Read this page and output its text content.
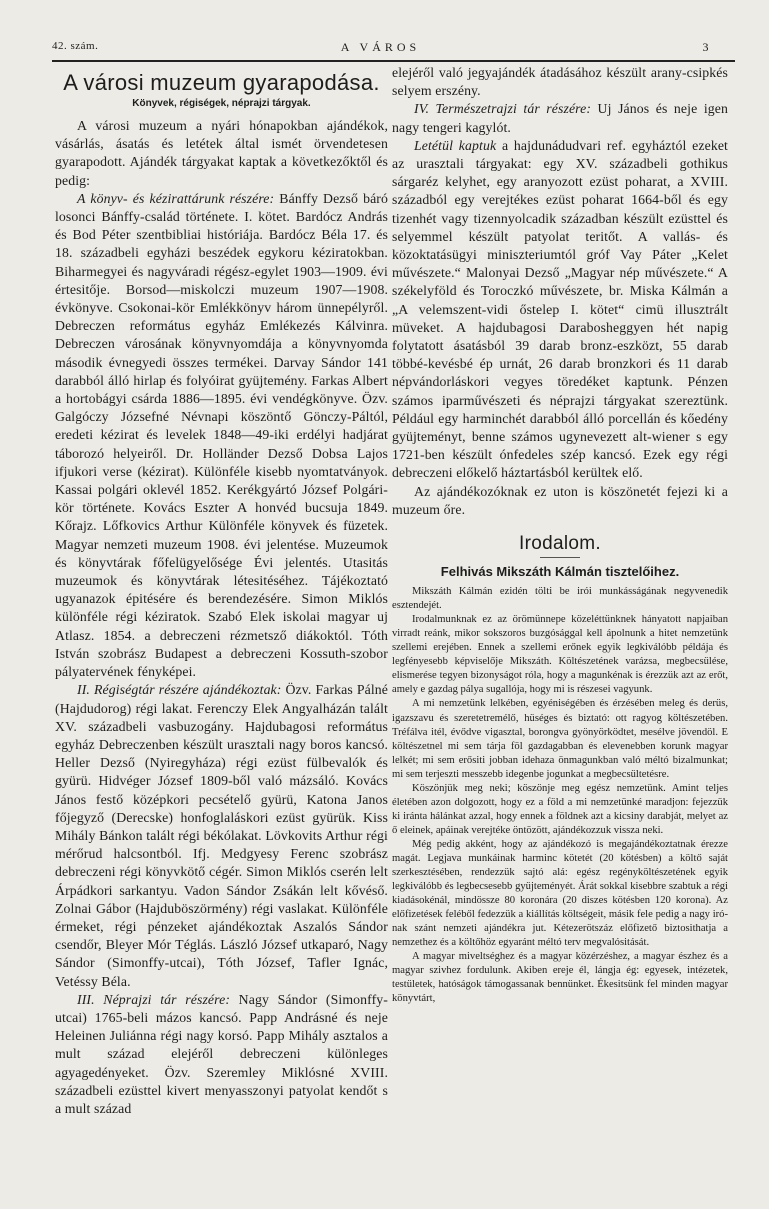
42. szám.	A VÁROS	3
A városi muzeum gyarapodása.
Könyvek, régiségek, néprajzi tárgyak.

A városi muzeum a nyári hónapokban ajándékok, vásárlás, ásatás és letétek által ismét örvendetesen gyarapodott. Ajándék tárgyakat kaptak a következőktől és pedig:

A könyv- és kézirattárunk részére: Bánffy Dezső báró losonci Bánffy-család története. I. kötet. Bardócz András és Bod Péter szentbibliai históriája. Bardócz Béla 17. és 18. századbeli egyházi beszédek egykoru kéziratokban. Biharmegyei és nagyváradi régész-egylet 1903—1909. évi értesitője. Borsod—miskolczi muzeum 1907—1908. évkönyve. Csokonai-kör Emlékkönyv három ünnepélyről. Debreczen református egyház Emlékezés Kálvinra. Debreczen városának könyvnyomdája a könyvnyomda második évnegyedi összes termékei. Darvay Sándor 141 darabból álló hirlap és folyóirat gyüjtemény. Farkas Albert a hortobágyi csárda 1886—1895. évi vendégkönyve. Özv. Galgóczy Józsefné Névnapi köszöntő Gönczy-Páltól, eredeti kézirat és levelek 1848—49-iki erdélyi hadjárat táborozó helyeiről. Dr. Holländer Dezső Dobsa Lajos ifjukori verse (kézirat). Különféle kisebb nyomtatványok. Kassai polgári oklevél 1852. Kerékgyártó József Polgári-kör története. Kovács Eszter A honvéd bucsuja 1849. Kőrajz. Lőfkovics Arthur Különféle könyvek és füzetek. Magyar nemzeti muzeum 1908. évi jelentése. Muzeumok és könyvtárak főfelügyelősége Évi jelentés. Utasitás muzeumok és könyvtárak létesitéséhez. Tájékoztató ugyanazok épitésére és berendezésére. Simon Miklós különféle régi kéziratok. Szabó Elek iskolai magyar uj Atlasz. 1854. a debreczeni rézmetsző diákoktól. Tóth István szobrász Budapest a debreczeni Kossuth-szobor pályatervének fényképei.

II. Régiségtár részére ajándékoztak: Özv. Farkas Pálné (Hajdudorog) régi lakat. Ferenczy Elek Angyalházán talált XV. századbeli vasbuzogány. Hajdubagosi református egyház Debreczenben készült urasztali nagy boros kancsó. Heller Dezső (Nyiregyháza) régi ezüst fülbevalók és gyürü. Hidvéger József 1809-ből való mázsáló. Kovács János festő középkori pecsételő gyürü, Katona Janos főjegyző (Derecske) honfoglaláskori ezüst gyürük. Kiss Mihály Bánkon talált régi békólakat. Lövkovits Arthur régi mérőrud halcsontból. Ifj. Medgyesy Ferenc szobrász debreczeni régi könyvkötő cégér. Simon Miklós cserén lelt Árpádkori sarkantyu. Vadon Sándor Zsákán lelt kővéső. Zolnai Gábor (Hajduböszörmény) régi vaslakat. Különféle érmeket, régi pénzeket ajándékoztak Aszalós Sándor csendőr, Bleyer Mór Téglás. László József utkaparó, Nagy Sándor (Simonffy-utcai), Tóth József, Tafler Ignác, Vetéssy Béla.

III. Néprajzi tár részére: Nagy Sándor (Simonffy-utcai) 1765-beli mázos kancsó. Papp Andrásné és neje Heleinen Juliánna régi nagy korsó. Papp Mihály asztalos a mult század elejéről debreczeni különleges agyagedényeket. Özv. Szeremley Miklósné XVIII. századbeli ezüsttel kivert menyasszonyi patyolat kendőt s a mult század

elejéről való jegyajándék átadásához készült arany-csipkés selyem erszény.

IV. Természetrajzi tár részére: Uj János és neje igen nagy tengeri kagylót.

Letétül kaptuk a hajdunádudvari ref. egyháztól ezeket az urasztali tárgyakat: egy XV. századbeli gothikus sárgaréz kelyhet, egy aranyozott ezüst poharat, a XVIII. századból egy verejtékes ezüst poharat 1664-ből és egy tizenhét vagy tizennyolcadik században készült ezüsttel és selyemmel készült patyolat teritőt. A vallás- és közoktatásügyi miniszteriumtól gróf Vay Páter „Kelet művészete.“ Malonyai Dezső „Magyar nép művészete.“ A székelyföld és Toroczkó művészete, br. Miska Kálmán a „A velemszent-vidi őstelep I. kötet“ cimü illusztrált müveket. A hajdubagosi Darabosheggyen hét napig folytatott ásatásból 39 darab bronz-eszközt, 55 darab többé-kevésbé ép urnát, 26 darab bronzkori és 11 darab népvándorláskori vegyes töredéket kaptunk. Pénzen számos iparművészeti és néprajzi tárgyakat szereztünk. Például egy harminchét darabból álló porcellán és kőedény gyüjteményt, benne számos ugynevezett alt-wiener s egy 1721-ben készült ónfedeles szép kancsó. Ezek egy régi debreczeni előkelő háztartásból kerültek elő.

Az ajándékozóknak ez uton is köszönetét fejezi ki a muzeum őre.

Irodalom.
Felhivás Mikszáth Kálmán tisztelőihez.

Mikszáth Kálmán ezidén tölti be irói munkásságának negyvenedik esztendejét.

Irodalmunknak ez az örömünnepe közeléttünknek hányatott napjaiban virradt reánk, mikor sokszoros buzgósággal kell ápolnunk a hitet nemzetünk szellemi erejében. Ennek a szellemi erőnek egyik legkiválóbb példája és legfényesebb képviselője Mikszáth. Költészetének varázsa, megbecsülése, elismerése tegyen bizonyságot róla, hogy a magunkénak is érezzük azt az erőt, amely e gazdag pálya sugallója, hogy mi is részesei vagyunk.

A mi nemzetünk lelkében, egyéniségében és érzésében meleg és derüs, igazszavu és szeretetremélő, hüséges és biztató: ott ragyog költészetében. Tréfálva itél, évődve vigasztal, borongva gyönyörködtet, mesélve jövendöl. E költészetnel mi sem tárja föl gazdagabban és elevenebben korunk magyar lelkét; mi sem erősiti jobban idehaza önmagunkban való méltó bizalmunkat; mi sem terjeszti messzebb idegenbe jogunkat a megbecsültetésre.

Köszönjük meg neki; köszönje meg egész nemzetünk. Amint teljes életében azon dolgozott, hogy ez a föld a mi nemzetünké maradjon: fejezzük ki iránta hálánkat azzal, hogy ennek a földnek azt a kicsiny darabját, melyet az ő eleinek, apáinak verejtéke öntözött, ajándékozzuk vissza neki.

Még pedig akként, hogy az ajándékozó is megajándékoztatnak érezze magát. Legjava munkáinak harminc kötetét (20 kötésben) a költő saját szerkesztésében, rendezzük sajtó alá: egész regényköltészetének egyik legkiválóbb és legbecsesebb gyüjteményét. Árát sokkal kisebbre szabtuk a régi kiadásokénál, mindössze 80 koronára (20 diszes kötésben 120 korona). Az előfizetések feléből fedezzük a kiállítás költségeit, másik fele pedig a nagy iró-nak szánt nemzeti ajándékra jut. Kétezerötszáz előfizető biztosithatja a nemzethez és a költőhöz egyaránt méltó terv megvalósitását.

A magyar miveltséghez és a magyar közérzéshez, a magyar észhez és a magyar szivhez fordulunk. Akiben ereje él, lángja ég: egyesek, intézetek, testületek, hatóságok támogassanak bennünket. Ékesitsünk fel minden magyar könyvtárt,
